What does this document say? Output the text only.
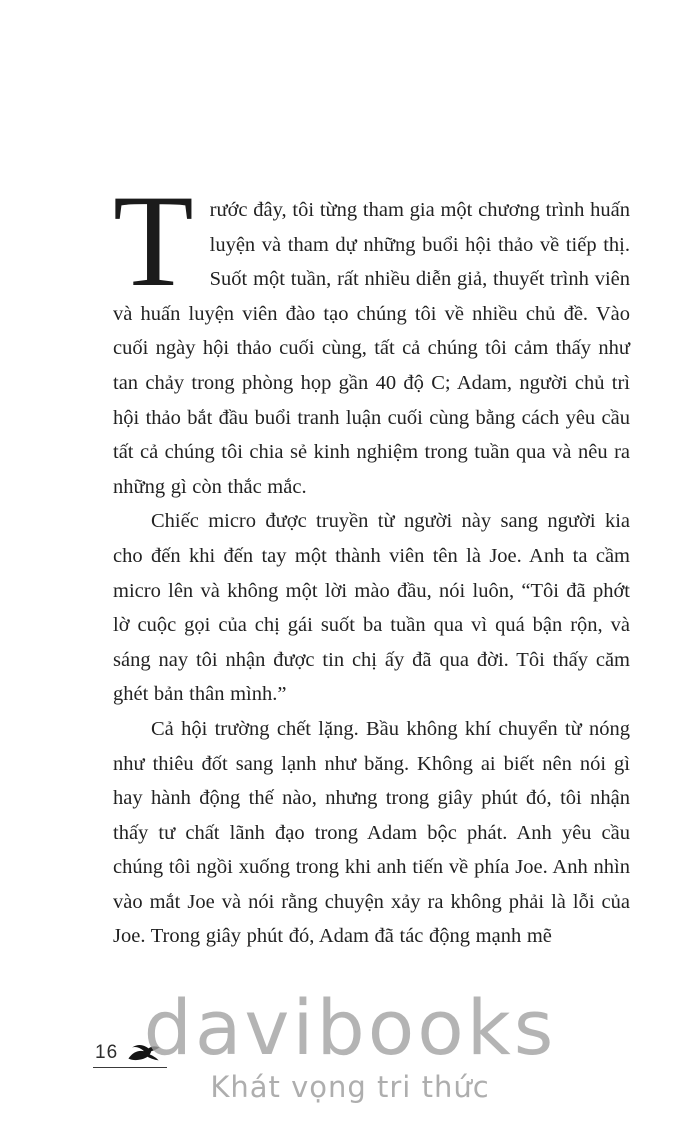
Trước đây, tôi từng tham gia một chương trình huấn luyện và tham dự những buổi hội thảo về tiếp thị. Suốt một tuần, rất nhiều diễn giả, thuyết trình viên và huấn luyện viên đào tạo chúng tôi về nhiều chủ đề. Vào cuối ngày hội thảo cuối cùng, tất cả chúng tôi cảm thấy như tan chảy trong phòng họp gần 40 độ C; Adam, người chủ trì hội thảo bắt đầu buổi tranh luận cuối cùng bằng cách yêu cầu tất cả chúng tôi chia sẻ kinh nghiệm trong tuần qua và nêu ra những gì còn thắc mắc.

Chiếc micro được truyền từ người này sang người kia cho đến khi đến tay một thành viên tên là Joe. Anh ta cầm micro lên và không một lời mào đầu, nói luôn, “Tôi đã phớt lờ cuộc gọi của chị gái suốt ba tuần qua vì quá bận rộn, và sáng nay tôi nhận được tin chị ấy đã qua đời. Tôi thấy căm ghét bản thân mình.”

Cả hội trường chết lặng. Bầu không khí chuyển từ nóng như thiêu đốt sang lạnh như băng. Không ai biết nên nói gì hay hành động thế nào, nhưng trong giây phút đó, tôi nhận thấy tư chất lãnh đạo trong Adam bộc phát. Anh yêu cầu chúng tôi ngồi xuống trong khi anh tiến về phía Joe. Anh nhìn vào mắt Joe và nói rằng chuyện xảy ra không phải là lỗi của Joe. Trong giây phút đó, Adam đã tác động mạnh mẽ

16 davibooks
Khát vọng tri thức
